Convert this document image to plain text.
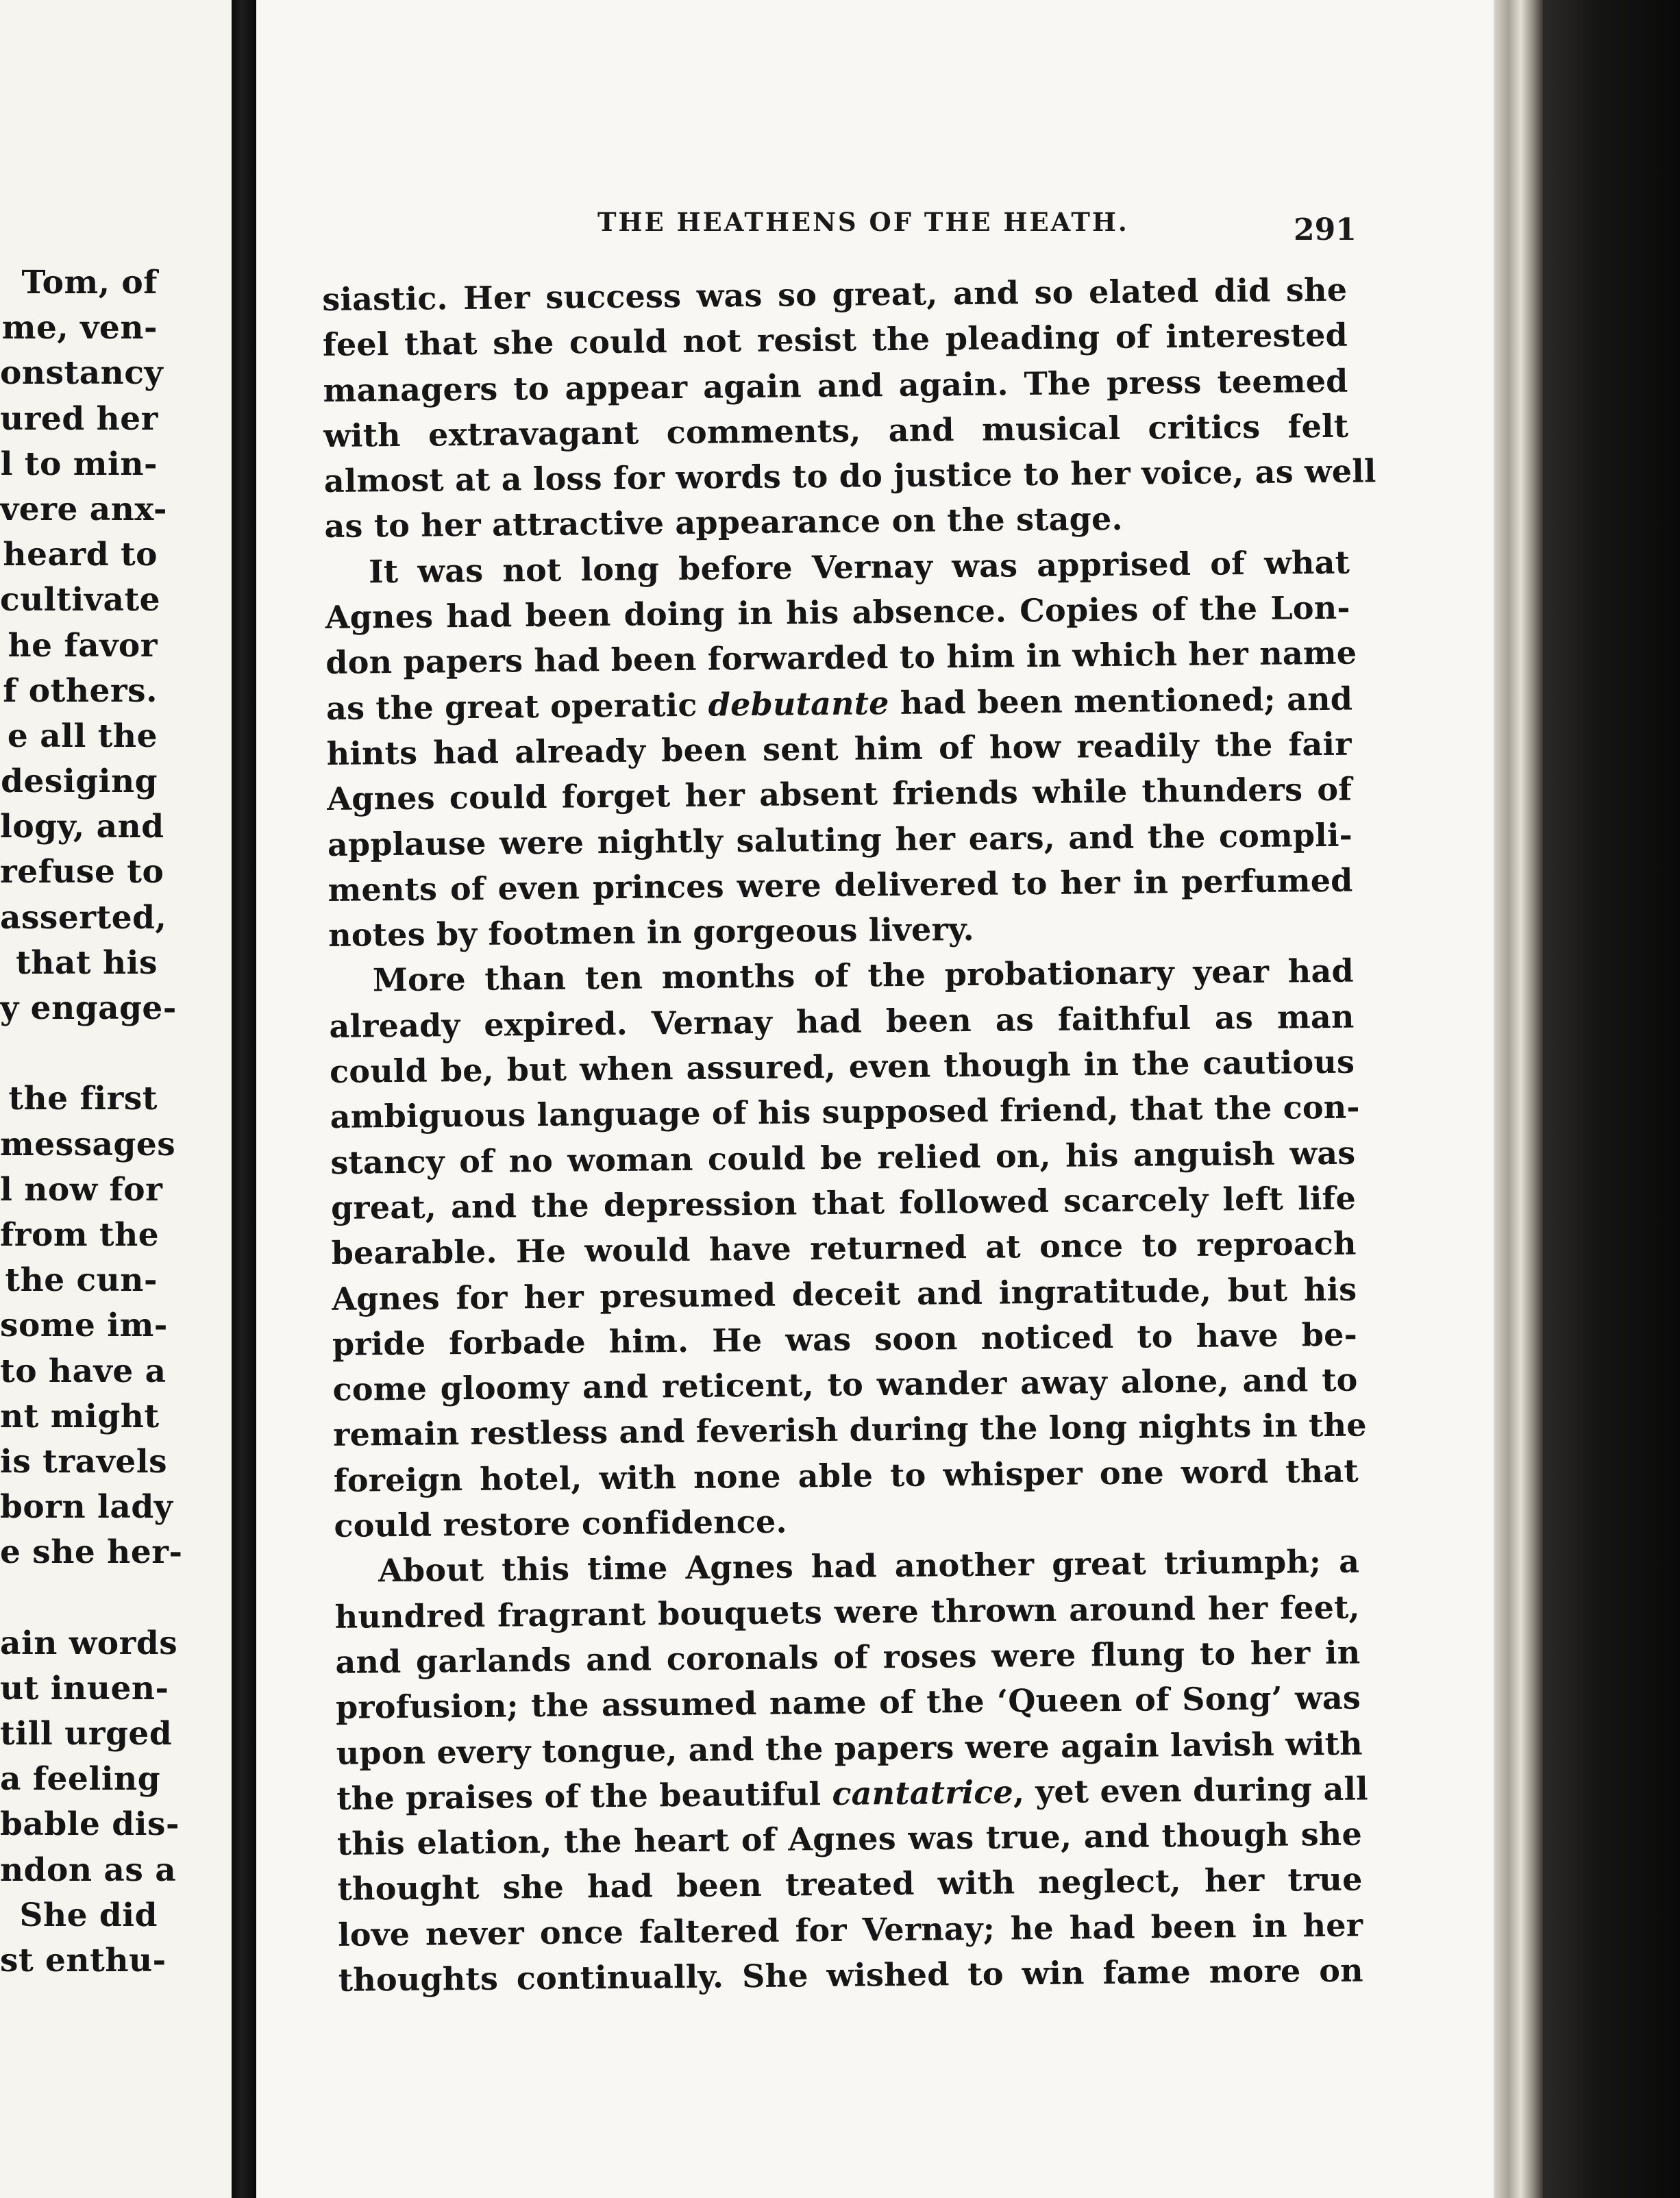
Tom, of
me, ven-
onstancy
ured her
l to min-
vere anx-
heard to
cultivate
he favor
f others.
e all the
desiging
logy, and
refuse to
asserted,
that his
y engage-
the first
messages
l now for
from the
the cun-
some im-
to have a
nt might
is travels
born lady
e she her-
ain words
ut inuen-
till urged
a feeling
bable dis-
ndon as a
She did
st enthu-
THE HEATHENS OF THE HEATH.	291
siastic. Her success was so great, and so elated did she
feel that she could not resist the pleading of interested
managers to appear again and again. The press teemed
with extravagant comments, and musical critics felt
almost at a loss for words to do justice to her voice, as well
as to her attractive appearance on the stage.
It was not long before Vernay was apprised of what
Agnes had been doing in his absence. Copies of the Lon-
don papers had been forwarded to him in which her name
as the great operatic debutante had been mentioned; and
hints had already been sent him of how readily the fair
Agnes could forget her absent friends while thunders of
applause were nightly saluting her ears, and the compli-
ments of even princes were delivered to her in perfumed
notes by footmen in gorgeous livery.
More than ten months of the probationary year had
already expired. Vernay had been as faithful as man
could be, but when assured, even though in the cautious
ambiguous language of his supposed friend, that the con-
stancy of no woman could be relied on, his anguish was
great, and the depression that followed scarcely left life
bearable. He would have returned at once to reproach
Agnes for her presumed deceit and ingratitude, but his
pride forbade him. He was soon noticed to have be-
come gloomy and reticent, to wander away alone, and to
remain restless and feverish during the long nights in the
foreign hotel, with none able to whisper one word that
could restore confidence.
About this time Agnes had another great triumph; a
hundred fragrant bouquets were thrown around her feet,
and garlands and coronals of roses were flung to her in
profusion; the assumed name of the ‘Queen of Song’ was
upon every tongue, and the papers were again lavish with
the praises of the beautiful cantatrice, yet even during all
this elation, the heart of Agnes was true, and though she
thought she had been treated with neglect, her true
love never once faltered for Vernay; he had been in her
thoughts continually. She wished to win fame more on
